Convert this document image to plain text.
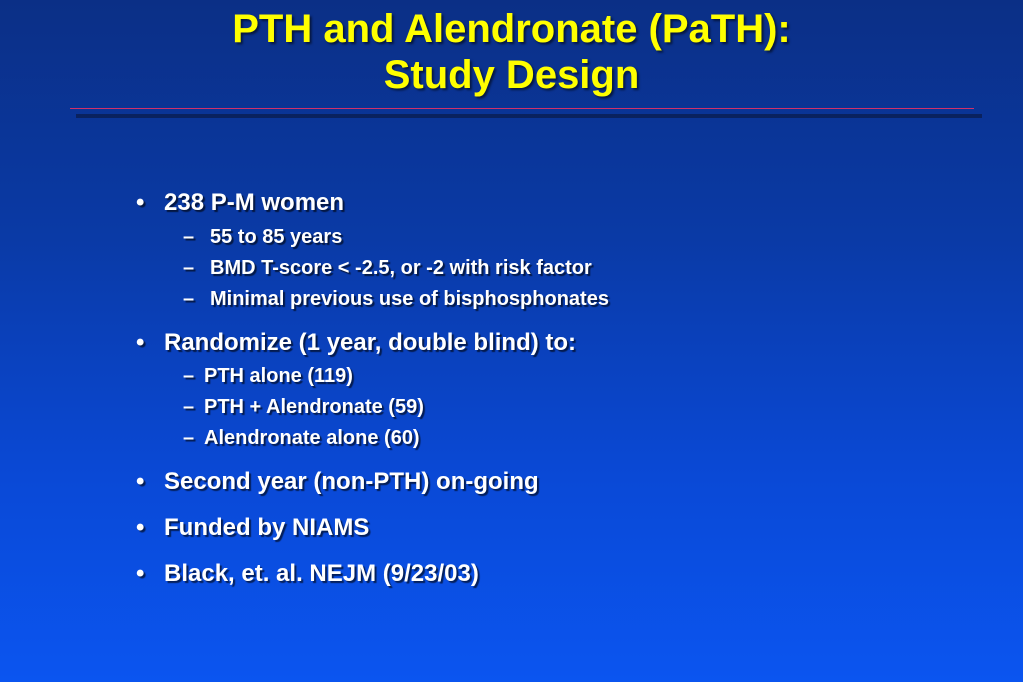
PTH and Alendronate (PaTH):
Study Design
• 238 P-M women
– 55 to 85 years
– BMD T-score < -2.5, or -2 with risk factor
– Minimal previous use of bisphosphonates
• Randomize (1 year, double blind) to:
– PTH alone (119)
– PTH + Alendronate (59)
– Alendronate alone (60)
• Second year (non-PTH) on-going
• Funded by NIAMS
• Black, et. al. NEJM (9/23/03)
